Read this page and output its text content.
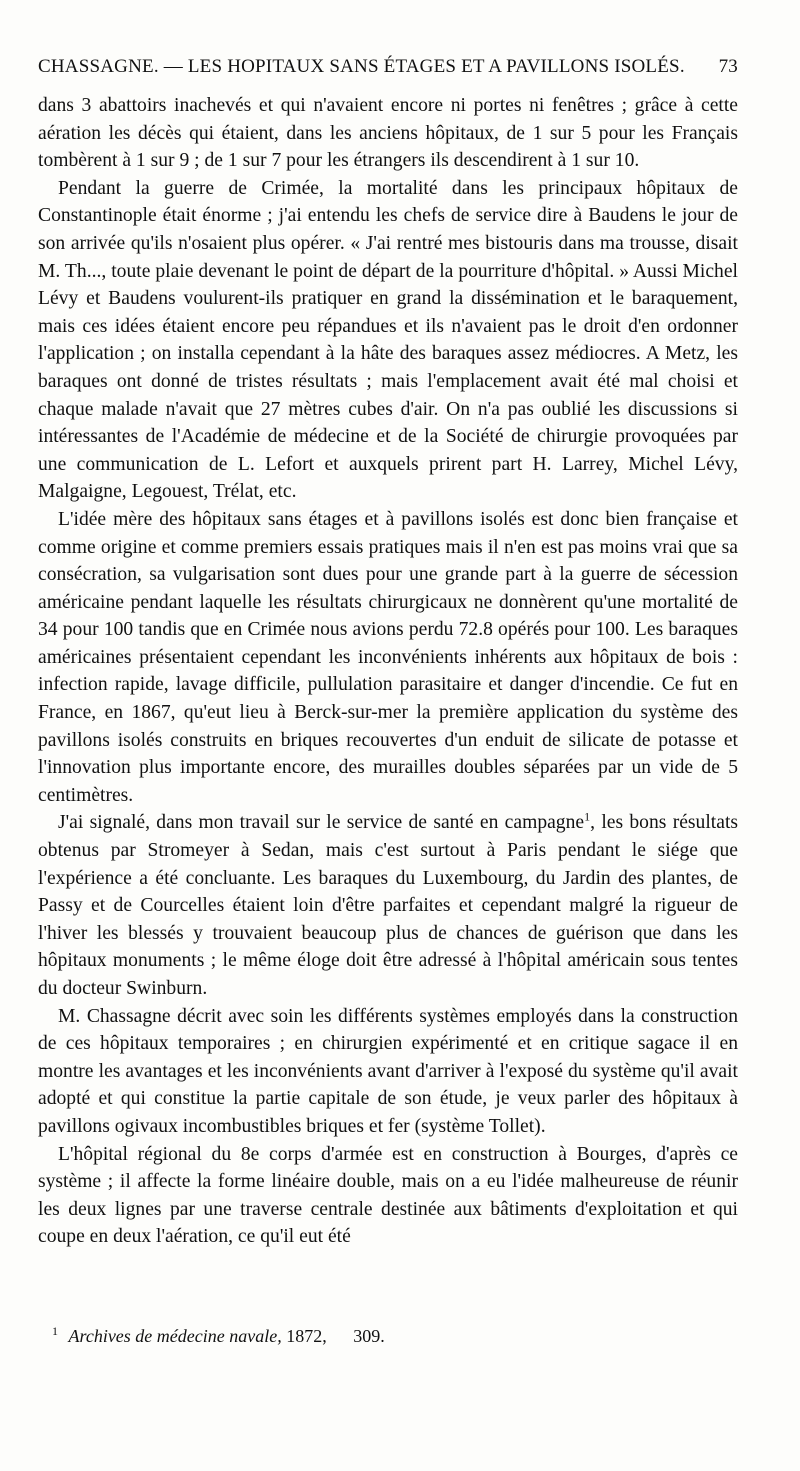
CHASSAGNE. — LES HOPITAUX SANS ÉTAGES ET A PAVILLONS ISOLÉS. 73

dans 3 abattoirs inachevés et qui n'avaient encore ni portes ni fenêtres ; grâce à cette aération les décès qui étaient, dans les anciens hôpitaux, de 1 sur 5 pour les Français tombèrent à 1 sur 9 ; de 1 sur 7 pour les étrangers ils descendirent à 1 sur 10.

Pendant la guerre de Crimée, la mortalité dans les principaux hôpitaux de Constantinople était énorme ; j'ai entendu les chefs de service dire à Baudens le jour de son arrivée qu'ils n'osaient plus opérer. « J'ai rentré mes bistouris dans ma trousse, disait M. Th..., toute plaie devenant le point de départ de la pourriture d'hôpital. » Aussi Michel Lévy et Baudens voulurent-ils pratiquer en grand la dissémination et le baraquement, mais ces idées étaient encore peu répandues et ils n'avaient pas le droit d'en ordonner l'application ; on installa cependant à la hâte des baraques assez médiocres. A Metz, les baraques ont donné de tristes résultats ; mais l'emplacement avait été mal choisi et chaque malade n'avait que 27 mètres cubes d'air. On n'a pas oublié les discussions si intéressantes de l'Académie de médecine et de la Société de chirurgie provoquées par une communication de L. Lefort et auxquels prirent part H. Larrey, Michel Lévy, Malgaigne, Legouest, Trélat, etc.

L'idée mère des hôpitaux sans étages et à pavillons isolés est donc bien française et comme origine et comme premiers essais pratiques mais il n'en est pas moins vrai que sa consécration, sa vulgarisation sont dues pour une grande part à la guerre de sécession américaine pendant laquelle les résultats chirurgicaux ne donnèrent qu'une mortalité de 34 pour 100 tandis que en Crimée nous avions perdu 72.8 opérés pour 100. Les baraques américaines présentaient cependant les inconvénients inhérents aux hôpitaux de bois : infection rapide, lavage difficile, pullulation parasitaire et danger d'incendie. Ce fut en France, en 1867, qu'eut lieu à Berck-sur-mer la première application du système des pavillons isolés construits en briques recouvertes d'un enduit de silicate de potasse et l'innovation plus importante encore, des murailles doubles séparées par un vide de 5 centimètres.

J'ai signalé, dans mon travail sur le service de santé en campagne$^1$, les bons résultats obtenus par Stromeyer à Sedan, mais c'est surtout à Paris pendant le siége que l'expérience a été concluante. Les baraques du Luxembourg, du Jardin des plantes, de Passy et de Courcelles étaient loin d'être parfaites et cependant malgré la rigueur de l'hiver les blessés y trouvaient beaucoup plus de chances de guérison que dans les hôpitaux monuments ; le même éloge doit être adressé à l'hôpital américain sous tentes du docteur Swinburn.

M. Chassagne décrit avec soin les différents systèmes employés dans la construction de ces hôpitaux temporaires ; en chirurgien expérimenté et en critique sagace il en montre les avantages et les inconvénients avant d'arriver à l'exposé du système qu'il avait adopté et qui constitue la partie capitale de son étude, je veux parler des hôpitaux à pavillons ogivaux incombustibles briques et fer (système Tollet).

L'hôpital régional du 8e corps d'armée est en construction à Bourges, d'après ce système ; il affecte la forme linéaire double, mais on a eu l'idée malheureuse de réunir les deux lignes par une traverse centrale destinée aux bâtiments d'exploitation et qui coupe en deux l'aération, ce qu'il eut été

$^1$ Archives de médecine navale, 1872, 309.
